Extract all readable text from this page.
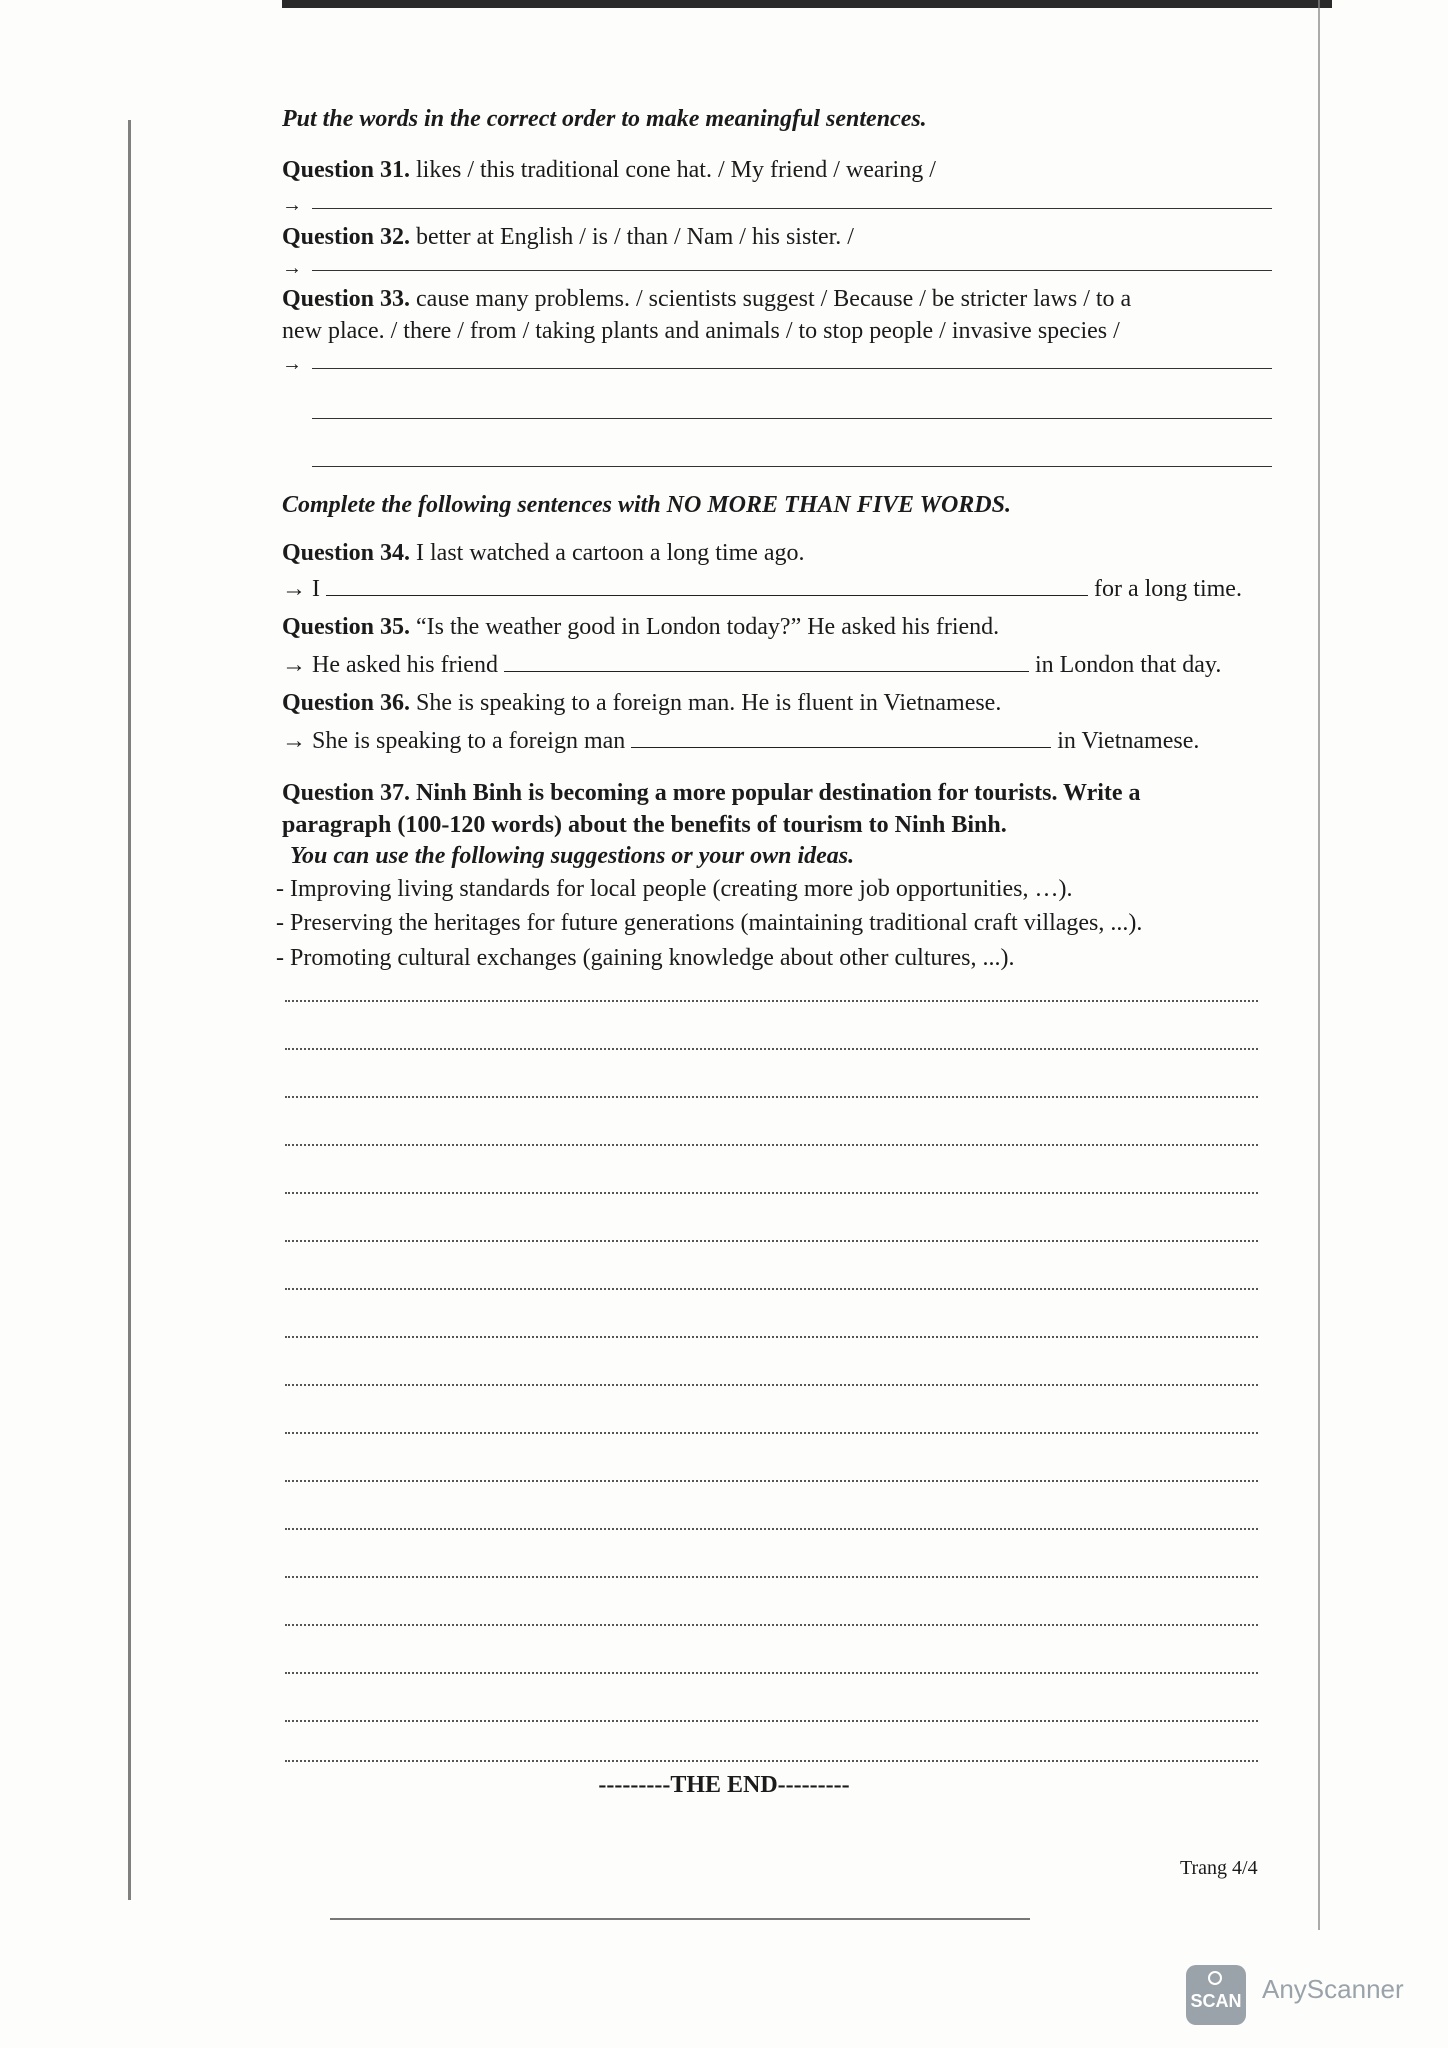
Put the words in the correct order to make meaningful sentences.
Question 31. likes / this traditional cone hat. / My friend / wearing /
→
Question 32. better at English / is / than / Nam / his sister. /
→
Question 33. cause many problems. / scientists suggest / Because / be stricter laws / to a
new place. / there / from / taking plants and animals / to stop people / invasive species /
→
Complete the following sentences with NO MORE THAN FIVE WORDS.
Question 34. I last watched a cartoon a long time ago.
→ I	for a long time.
Question 35. “Is the weather good in London today?” He asked his friend.
→ He asked his friend	in London that day.
Question 36. She is speaking to a foreign man. He is fluent in Vietnamese.
→ She is speaking to a foreign man	in Vietnamese.
Question 37. Ninh Binh is becoming a more popular destination for tourists. Write a
paragraph (100-120 words) about the benefits of tourism to Ninh Binh.
You can use the following suggestions or your own ideas.
- Improving living standards for local people (creating more job opportunities, …).
- Preserving the heritages for future generations (maintaining traditional craft villages, ...).
- Promoting cultural exchanges (gaining knowledge about other cultures, ...).
---------THE END---------
Trang 4/4
SCAN AnyScanner
